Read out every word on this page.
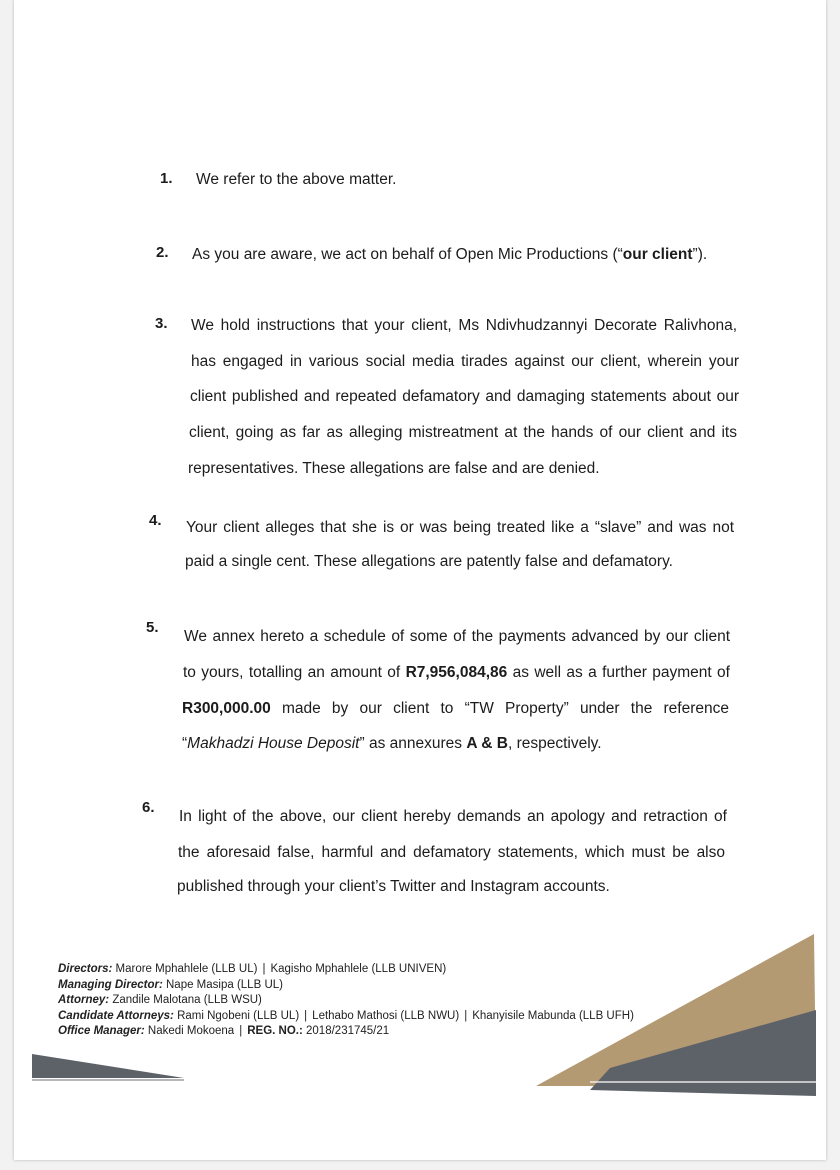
1. We refer to the above matter.
2. As you are aware, we act on behalf of Open Mic Productions (“our client”).
3. We hold instructions that your client, Ms Ndivhudzannyi Decorate Ralivhona,
has engaged in various social media tirades against our client, wherein your
client published and repeated defamatory and damaging statements about our
client, going as far as alleging mistreatment at the hands of our client and its
representatives. These allegations are false and are denied.
4. Your client alleges that she is or was being treated like a “slave” and was not
paid a single cent. These allegations are patently false and defamatory.
5.
We annex hereto a schedule of some of the payments advanced by our client
to yours, totalling an amount of R7,956,084,86 as well as a further payment of
R300,000.00 made by our client to “TW Property” under the reference
“Makhadzi House Deposit” as annexures A & B, respectively.
6.
In light of the above, our client hereby demands an apology and retraction of
the aforesaid false, harmful and defamatory statements, which must be also
published through your client’s Twitter and Instagram accounts.
Directors: Marore Mphahlele (LLB UL) | Kagisho Mphahlele (LLB UNIVEN)
Managing Director: Nape Masipa (LLB UL)
Attorney: Zandile Malotana (LLB WSU)
Candidate Attorneys: Rami Ngobeni (LLB UL) | Lethabo Mathosi (LLB NWU) | Khanyisile Mabunda (LLB UFH)
Office Manager: Nakedi Mokoena | REG. NO.: 2018/231745/21
